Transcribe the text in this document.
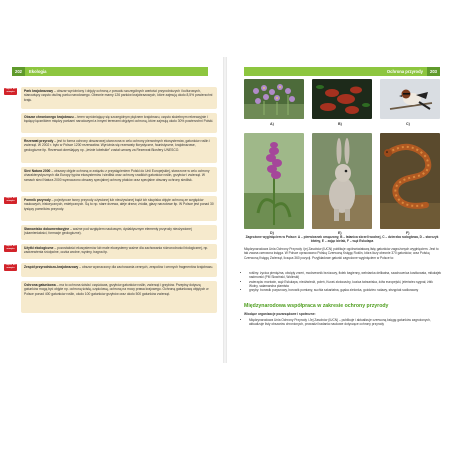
202 Ekologia
Zapisz do zeszytu	Park krajobrazowy – obszar wyróżniony i objęty ochroną z powodu szczególnych wartości przyrodniczych i kulturowych, stanowiący często otulinę parku narodowego. Obecnie mamy 126 parków krajobrazowych, które zajmują około 8,5% powierzchni kraju.
Obszar chronionego krajobrazu – teren wyróżniający się szczególnym pięknem krajobrazu, często służebnym rekreacyjnie i będący łącznikiem między parkami narodowymi a innymi terenami objętymi ochroną, które zajmują około 30% powierzchni Polski.
Rezerwat przyrody – jest to forma ochrony obszarowej utworzona w celu ochrony pierwotnych ekosystemów, gatunków roślin i zwierząt. W 2002 r. było w Polsce 1200 rezerwatów. Wyróżnia się rezerwaty florystyczne, faunistyczne, krajobrazowe, geologiczne itp. Rezerwat określający np. „leśnie lubelskie” został uznany za Rezerwat Biosfery UNESCO.
Sieć Natura 2000 – obszary objęte ochroną w związku z przystąpieniem Polski do Unii Europejskiej, stworzone w celu ochrony charakterystycznych dla Europy typów ekosystemów i siedlisk oraz ochrony rzadkich gatunków roślin, grzybów i zwierząt. W ramach sieci Natura 2000 wyznaczono obszary specjalnej ochrony ptaków oraz specjalne obszary ochrony siedlisk.
Zapisz do zeszytu	Pomnik przyrody – pojedyncze twory przyrody ożywionej lub nieożywionej bądź ich skupiska objęte ochroną ze względów naukowych, historycznych, estetycznych. Są to np. stare drzewa, aleje drzew, źródła, głazy narzutowe itp. W Polsce jest ponad 30 tysięcy pomników przyrody.
Stanowisko dokumentacyjne – ważne pod względem naukowym, dydaktycznym elementy przyrody nieożywionej (skamieniałości, formacje geologiczne).
Zapisz do zeszytu	Użytki ekologiczne – pozostałości ekosystemów lub małe ekosystemy ważne dla zachowania różnorodności biologicznej, np. zadrzewienia śródpolne, oczka wodne, wydmy, bagna itp.
Zapisz do zeszytu	Zespół przyrodniczo-krajobrazowy – obszar wyznaczony dla zachowania cennych, zespołów i cennych fragmentów krajobrazu.
Ochrona gatunkowa – ma to ochrona ścisła i częściowa, grzybów gatunków roślin, zwierząt i grzybów. Przepisy dotyczą gatunków mogą być objęte np. ochroną ścisłą, częściową, ochroną na mocy prawa krajowego. Ochroną gatunkową objętych w Polsce ponad 400 gatunków roślin, około 100 gatunków grzybów oraz około 500 gatunków zwierząt.
Ochrona przyrody 203
A)	B)	C)
D)	E)	F)
Zagrożone wyginięciem w Polsce: A – pierwiosnek omączony, B – łatanica skrzeli wodnej, C – dzierzba rudogłowa, D – storczyk błotny, E – zając bielak, F – wąż Eskulapa
Międzynarodowa Unia Ochrony Przyrody i jej Zasobów (IUCN) publikuje ogólnoświatową listę gatunków zagrożonych wyginięciem. Jest to tak zwana czerwona księga. W Polsce opracowano Polską Czerwoną Księgę Roślin, która liczy obecnie 370 gatunków, oraz Polską Czerwoną Księgę Zwierząt, licząca 360 pozycji. Przyjkładowe gatunki zagrożone wyginięciem w Polsce to:
• rośliny: życica pieniężna, obcięty zrzeń, modrzewnik brzózowy, fiołek bagienny, welnianka delikatna, szachownica kostkowata, mikołajek nadmorski (PM Słowiński, Wolinski)
• zwierzęta: morświn, wąż Eskulapa, niedźwiedź, poleń, Kuraś złotoczuby, kozica tatrzańska, żółw europejski, jeleńwiec sygnał, żbik Wolny, salamandra plamista
• grzyby: borowik purpurowy, borowik pomiany, suchla szkarłatna, gąska zielonka, goździeo rudawy, strzępiak sodkowany
Międzynarodowa współpraca w zakresie ochrony przyrody
Wiodące organizacje pozarządowe i społeczne:
• Międzynarodowa Unia Ochrony Przyrody i Jej Zasobów (IUCN) – publikuje i aktualizuje czerwoną księgę gatunków zagrożonych, aktualizuje listy obszarów chronionych, prowadzi badania naukowe dotyczące ochrony przyrody
